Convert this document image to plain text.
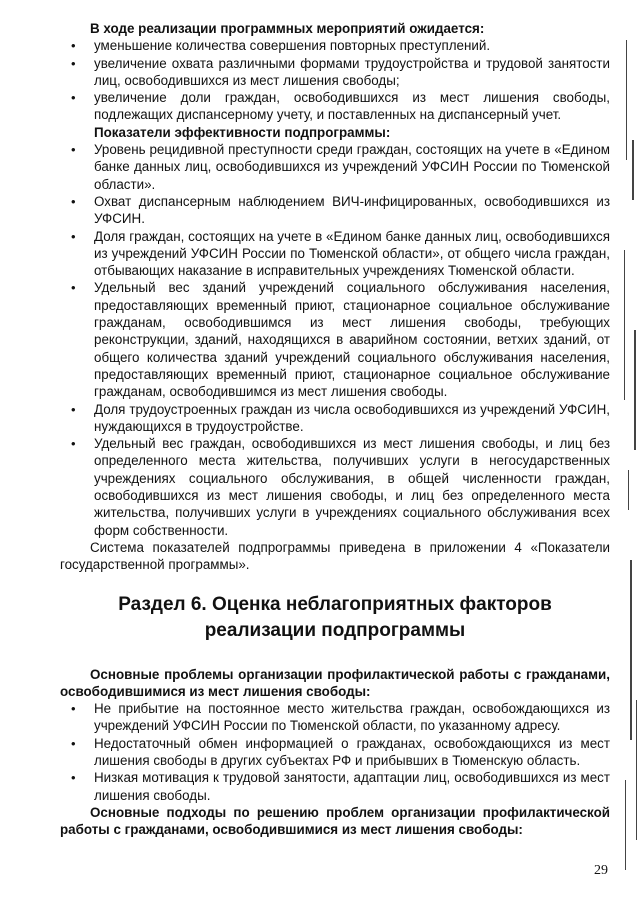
В ходе реализации программных мероприятий ожидается:

• уменьшение количества совершения повторных преступлений.
• увеличение охвата различными формами трудоустройства и трудовой занятости лиц, освободившихся из мест лишения свободы;
• увеличение доли граждан, освободившихся из мест лишения свободы, подлежащих диспансерному учету, и поставленных на диспансерный учет.

Показатели эффективности подпрограммы:

• Уровень рецидивной преступности среди граждан, состоящих на учете в «Едином банке данных лиц, освободившихся из учреждений УФСИН России по Тюменской области».
• Охват диспансерным наблюдением ВИЧ-инфицированных, освободившихся из УФСИН.
• Доля граждан, состоящих на учете в «Едином банке данных лиц, освободившихся из учреждений УФСИН России по Тюменской области», от общего числа граждан, отбывающих наказание в исправительных учреждениях Тюменской области.
• Удельный вес зданий учреждений социального обслуживания населения, предоставляющих временный приют, стационарное социальное обслуживание гражданам, освободившимся из мест лишения свободы, требующих реконструкции, зданий, находящихся в аварийном состоянии, ветхих зданий, от общего количества зданий учреждений социального обслуживания населения, предоставляющих временный приют, стационарное социальное обслуживание гражданам, освободившимся из мест лишения свободы.
• Доля трудоустроенных граждан из числа освободившихся из учреждений УФСИН, нуждающихся в трудоустройстве.
• Удельный вес граждан, освободившихся из мест лишения свободы, и лиц без определенного места жительства, получивших услуги в негосударственных учреждениях социального обслуживания, в общей численности граждан, освободившихся из мест лишения свободы, и лиц без определенного места жительства, получивших услуги в учреждениях социального обслуживания всех форм собственности.

Система показателей подпрограммы приведена в приложении 4 «Показатели государственной программы».

Раздел 6. Оценка неблагоприятных факторов реализации подпрограммы

Основные проблемы организации профилактической работы с гражданами, освободившимися из мест лишения свободы:

• Не прибытие на постоянное место жительства граждан, освобождающихся из учреждений УФСИН России по Тюменской области, по указанному адресу.
• Недостаточный обмен информацией о гражданах, освобождающихся из мест лишения свободы в других субъектах РФ и прибывших в Тюменскую область.
• Низкая мотивация к трудовой занятости, адаптации лиц, освободившихся из мест лишения свободы.

Основные подходы по решению проблем организации профилактической работы с гражданами, освободившимися из мест лишения свободы:

29
